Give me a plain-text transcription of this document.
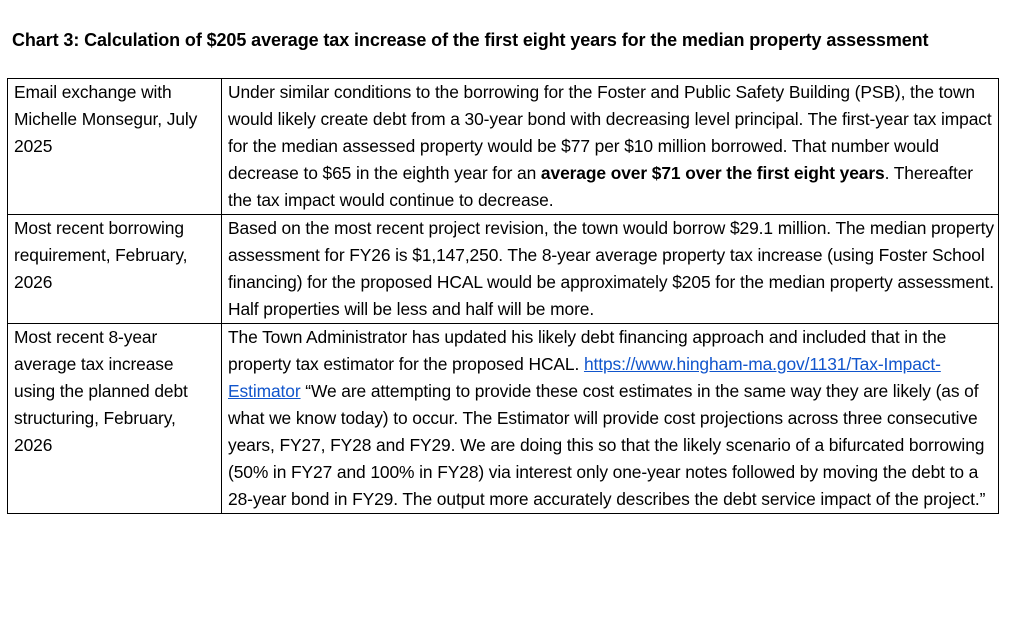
Chart 3: Calculation of $205 average tax increase of the first eight years for the median property assessment
Email exchange with Michelle Monsegur, July 2025	Under similar conditions to the borrowing for the Foster and Public Safety Building (PSB), the town would likely create debt from a 30-year bond with decreasing level principal. The first-year tax impact for the median assessed property would be $77 per $10 million borrowed. That number would decrease to $65 in the eighth year for an average over $71 over the first eight years. Thereafter the tax impact would continue to decrease.
Most recent borrowing requirement, February, 2026	Based on the most recent project revision, the town would borrow $29.1 million. The median property assessment for FY26 is $1,147,250. The 8-year average property tax increase (using Foster School financing) for the proposed HCAL would be approximately $205 for the median property assessment. Half properties will be less and half will be more.
Most recent 8-year average tax increase using the planned debt structuring, February, 2026	The Town Administrator has updated his likely debt financing approach and included that in the property tax estimator for the proposed HCAL. https://www.hingham-ma.gov/1131/Tax-Impact-Estimator “We are attempting to provide these cost estimates in the same way they are likely (as of what we know today) to occur. The Estimator will provide cost projections across three consecutive years, FY27, FY28 and FY29. We are doing this so that the likely scenario of a bifurcated borrowing (50% in FY27 and 100% in FY28) via interest only one-year notes followed by moving the debt to a 28-year bond in FY29. The output more accurately describes the debt service impact of the project.”
